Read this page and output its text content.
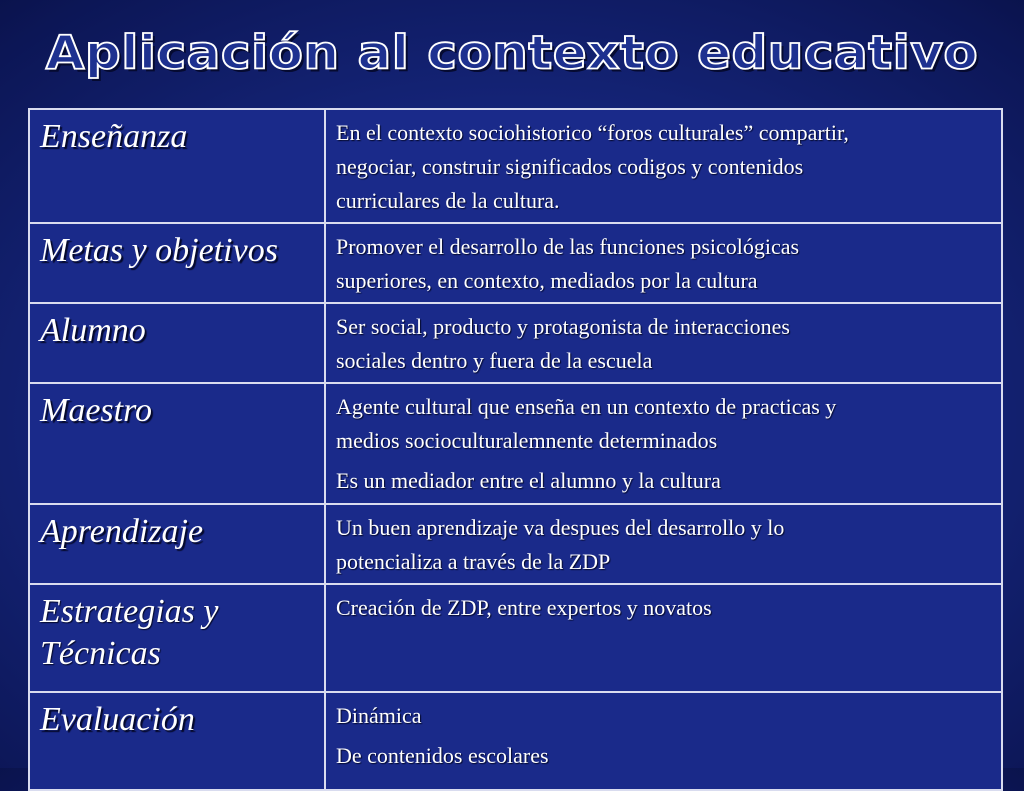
Aplicación al contexto educativo
Enseñanza	En el contexto sociohistorico “foros culturales” compartir,
negociar, construir significados codigos y contenidos
curriculares de la cultura.

Metas y objetivos	Promover el desarrollo de las funciones psicológicas
superiores, en contexto, mediados por la cultura

Alumno	Ser social, producto y protagonista de interacciones
sociales dentro y fuera de la escuela

Maestro	Agente cultural que enseña en un contexto de practicas y
medios socioculturalemnente determinados
Es un mediador entre el alumno y la cultura

Aprendizaje	Un buen aprendizaje va despues del desarrollo y lo
potencializa a través de la ZDP

Estrategias y
Técnicas	Creación de ZDP, entre expertos y novatos

Evaluación	Dinámica
De contenidos escolares
